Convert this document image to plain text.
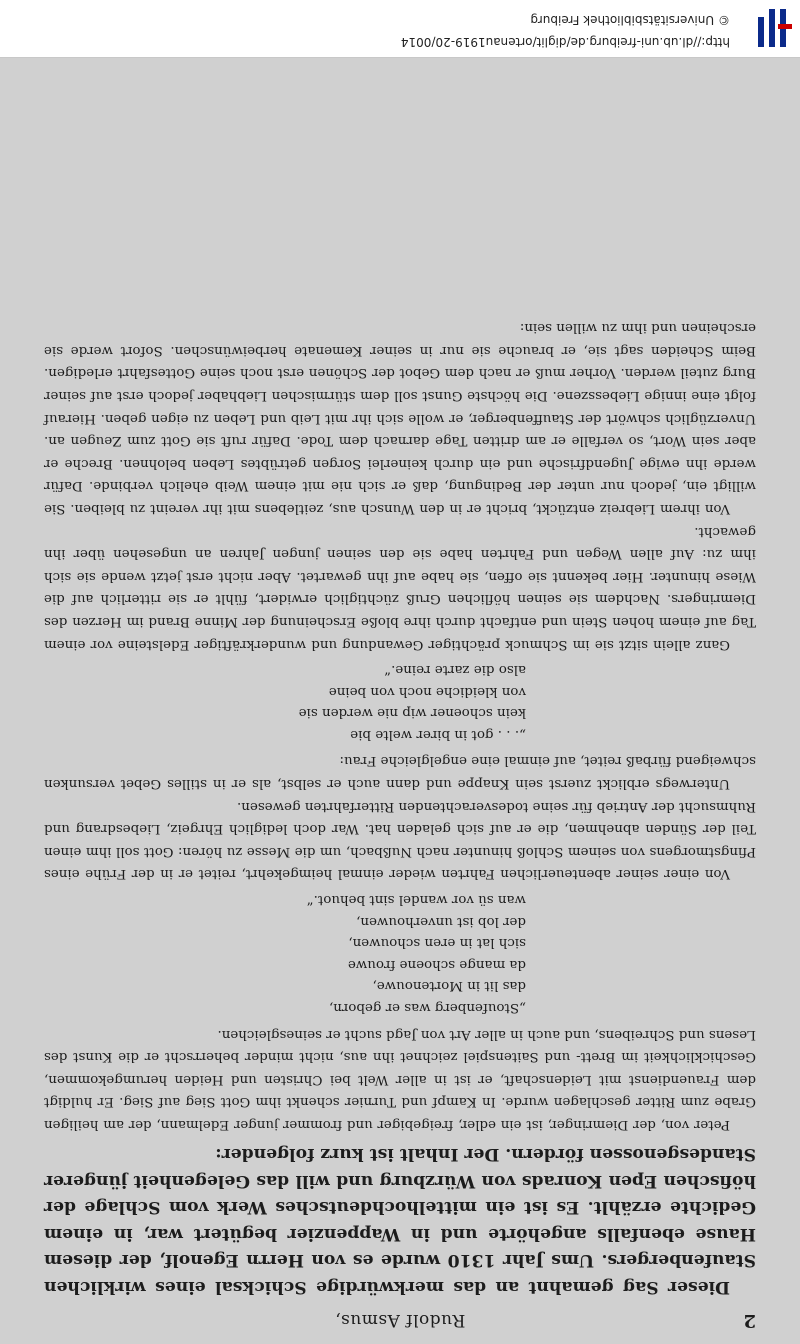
2
Rudolf Asmus,

Dieser Sag gemahnt an das merkwürdige Schicksal eines wirklichen Staufenbergers. Ums Jahr 1310 wurde es von Herrn Egenolf, der diesem Hause ebenfalls angehörte und in Wappenzier begütert war, in einem Gedichte erzählt. Es ist ein mittelhochdeutsches Werk vom Schlage der höfischen Epen Konrads von Würzburg und will das Gelegenheit jüngerer Standesgenossen fördern. Der Inhalt ist kurz folgender:

Peter von, der Diemringer, ist ein edler, freigebiger und frommer junger Edelmann, der am heiligen Grabe zum Ritter geschlagen wurde. In Kampf und Turnier schenkt ihm Gott Sieg auf Sieg. Er huldigt dem Frauendienst mit Leidenschaft, er ist in aller Welt bei Christen und Heiden herumgekommen, Geschicklichkeit im Brett- und Saitenspiel zeichnet ihn aus, nicht minder beherrscht er die Kunst des Lesens und Schreibens, und auch in aller Art von Jagd sucht er seinesgleichen.

„Stoufenberg was er geborn,
das lit in Mortenouwe,
da mange schoene frouwe
sich lat in eren schouwen,
der lob ist unverhouwen,
wan sü vor wandel sint behuot.“

Von einer seiner abenteuerlichen Fahrten wieder einmal heimgekehrt, reitet er in der Frühe eines Pfingstmorgens von seinem Schloß hinunter nach Nußbach, um die Messe zu hören: Gott soll ihm einen Teil der Sünden abnehmen, die er auf sich geladen hat. War doch lediglich Ehrgeiz, Liebesdrang und Ruhmsucht der Antrieb für seine todesverachtenden Ritterfahrten gewesen.

Unterwegs erblickt zuerst sein Knappe und dann auch er selbst, als er in stilles Gebet versunken schweigend fürbaß reitet, auf einmal eine engelgleiche Frau:

„. . . got in birer welte bie
kein schoener wip nie werden sie
von kleidiche noch von beine
also die zarte reine.“

Ganz allein sitzt sie im Schmuck prächtiger Gewandung und wunderkräftiger Edelsteine vor einem Tag auf einem hohen Stein und entfacht durch ihre bloße Erscheinung der Minne Brand im Herzen des Diemringers. Nachdem sie seinen höflichen Gruß züchtiglich erwidert, fühlt er sie ritterlich auf die Wiese hinunter. Hier bekennt sie offen, sie habe auf ihn gewartet. Aber nicht erst jetzt wende sie sich ihm zu: Auf allen Wegen und Fahrten habe sie den seinen jungen Jahren an ungesehen über ihn gewacht.

Von ihrem Liebreiz entzückt, bricht er in den Wunsch aus, zeitlebens mit ihr vereint zu bleiben. Sie willigt ein, jedoch nur unter der Bedingung, daß er sich nie mit einem Weib ehelich verbinde. Dafür werde ihn ewige Jugendfrische und ein durch keinerlei Sorgen getrübtes Leben belohnen. Breche er aber sein Wort, so verfalle er am dritten Tage darnach dem Tode. Dafür ruft sie Gott zum Zeugen an. Unverzüglich schwört der Stauffenberger, er wolle sich ihr mit Leib und Leben zu eigen geben. Hierauf folgt eine innige Liebesszene. Die höchste Gunst soll dem stürmischen Liebhaber jedoch erst auf seiner Burg zuteil werden. Vorher muß er nach dem Gebot der Schönen erst noch seine Gottesfahrt erledigen. Beim Scheiden sagt sie, er brauche sie nur in seiner Kemenate herbeiwünschen. Sofort werde sie erscheinen und ihm zu willen sein:

http://dl.ub.uni-freiburg.de/diglit/ortenau1919-20/0014
© Universitätsbibliothek Freiburg
